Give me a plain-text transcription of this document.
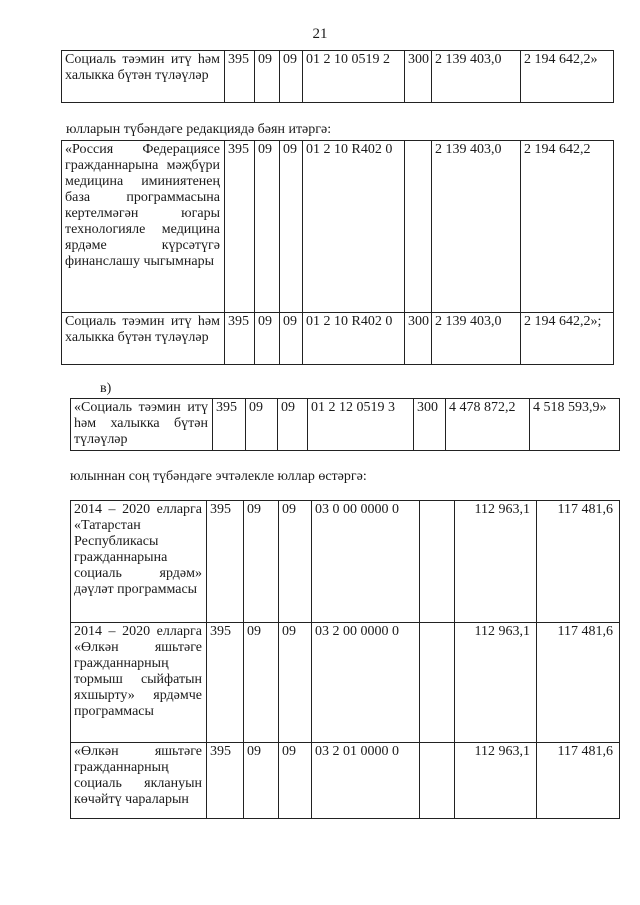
21
Социаль тәэмин итү һәм халыкка бүтән түләүләр	395	09	09	01 2 10 0519 2	300	2 139 403,0	2 194 642,2»
юлларын түбәндәге редакциядә бәян итәргә:
«Россия Федерациясе гражданнарына мәҗбүри медицина иминиятенең база программасына кертелмәгән югары технологияле медицина ярдәме күрсәтүгә финанслашу чыгымнары	395	09	09	01 2 10 R402 0		2 139 403,0	2 194 642,2
Социаль тәэмин итү һәм халыкка бүтән түләүләр	395	09	09	01 2 10 R402 0	300	2 139 403,0	2 194 642,2»;
в)
«Социаль тәэмин итү һәм халыкка бүтән түләүләр	395	09	09	01 2 12 0519 3	300	4 478 872,2	4 518 593,9»
юлыннан соң түбәндәге эчтәлекле юллар өстәргә:
2014 – 2020 елларга «Татарстан Республикасы гражданнарына социаль ярдәм» дәүләт программасы	395	09	09	03 0 00 0000 0		112 963,1	117 481,6
2014 – 2020 елларга «Өлкән яшьтәге гражданнарның тормыш сыйфатын яхшырту» ярдәмче программасы	395	09	09	03 2 00 0000 0		112 963,1	117 481,6
«Өлкән яшьтәге гражданнарның социаль яклануын көчәйтү чараларын	395	09	09	03 2 01 0000 0		112 963,1	117 481,6
